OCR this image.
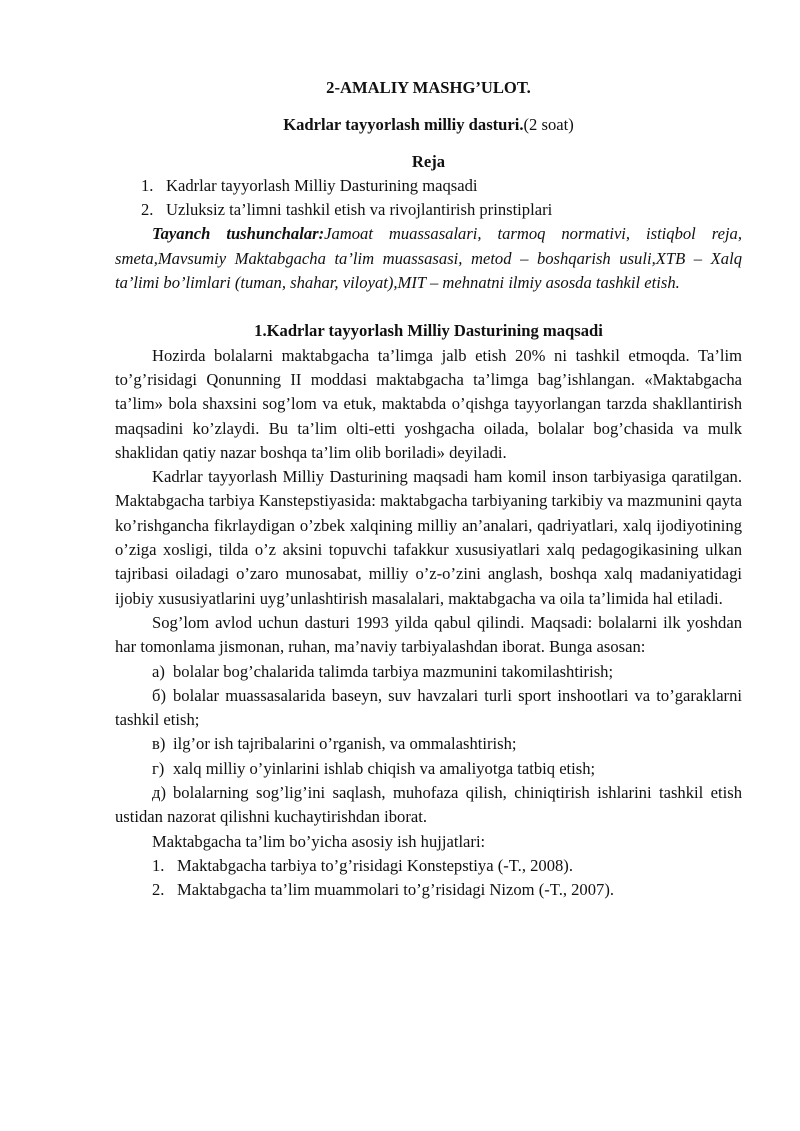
2-AMALIY MASHG’ULOT.
Kadrlar tayyorlash milliy dasturi.(2 soat)
Reja
1. Kadrlar tayyorlash Milliy Dasturining maqsadi
2. Uzluksiz ta’limni tashkil etish va rivojlantirish prinstiplari

Tayanch tushunchalar:Jamoat muassasalari, tarmoq normativi, istiqbol reja, smeta,Mavsumiy Maktabgacha ta’lim muassasasi, metod – boshqarish usuli,XTB – Xalq ta’limi bo’limlari (tuman, shahar, viloyat),MIT – mehnatni ilmiy asosda tashkil etish.

1.Kadrlar tayyorlash Milliy Dasturining maqsadi

Hozirda bolalarni maktabgacha ta’limga jalb etish 20% ni tashkil etmoqda. Ta’lim to’g’risidagi Qonunning II moddasi maktabgacha ta’limga bag’ishlangan. «Maktabgacha ta’lim» bola shaxsini sog’lom va etuk, maktabda o’qishga tayyorlangan tarzda shakllantirish maqsadini ko’zlaydi. Bu ta’lim olti-etti yoshgacha oilada, bolalar bog’chasida va mulk shaklidan qatiy nazar boshqa ta’lim olib boriladi» deyiladi.

Kadrlar tayyorlash Milliy Dasturining maqsadi ham komil inson tarbiyasiga qaratilgan. Maktabgacha tarbiya Kanstepstiyasida: maktabgacha tarbiyaning tarkibiy va mazmunini qayta ko’rishgancha fikrlaydigan o’zbek xalqining milliy an’analari, qadriyatlari, xalq ijodiyotining o’ziga xosligi, tilda o’z aksini topuvchi tafakkur xususiyatlari xalq pedagogikasining ulkan tajribasi oiladagi o’zaro munosabat, milliy o’z-o’zini anglash, boshqa xalq madaniyatidagi ijobiy xususiyatlarini uyg’unlashtirish masalalari, maktabgacha va oila ta’limida hal etiladi.

Sog’lom avlod uchun dasturi 1993 yilda qabul qilindi. Maqsadi: bolalarni ilk yoshdan har tomonlama jismonan, ruhan, ma’naviy tarbiyalashdan iborat. Bunga asosan:

а) bolalar bog’chalarida talimda tarbiya mazmunini takomilashtirish;
б) bolalar muassasalarida baseyn, suv havzalari turli sport inshootlari va to’garaklarni tashkil etish;
в) ilg’or ish tajribalarini o’rganish, va ommalashtirish;
г) xalq milliy o’yinlarini ishlab chiqish va amaliyotga tatbiq etish;
д) bolalarning sog’lig’ini saqlash, muhofaza qilish, chiniqtirish ishlarini tashkil etish ustidan nazorat qilishni kuchaytirishdan iborat.

Maktabgacha ta’lim bo’yicha asosiy ish hujjatlari:

1. Maktabgacha tarbiya to’g’risidagi Konstepstiya (-T., 2008).
2. Maktabgacha ta’lim muammolari to’g’risidagi Nizom (-T., 2007).
